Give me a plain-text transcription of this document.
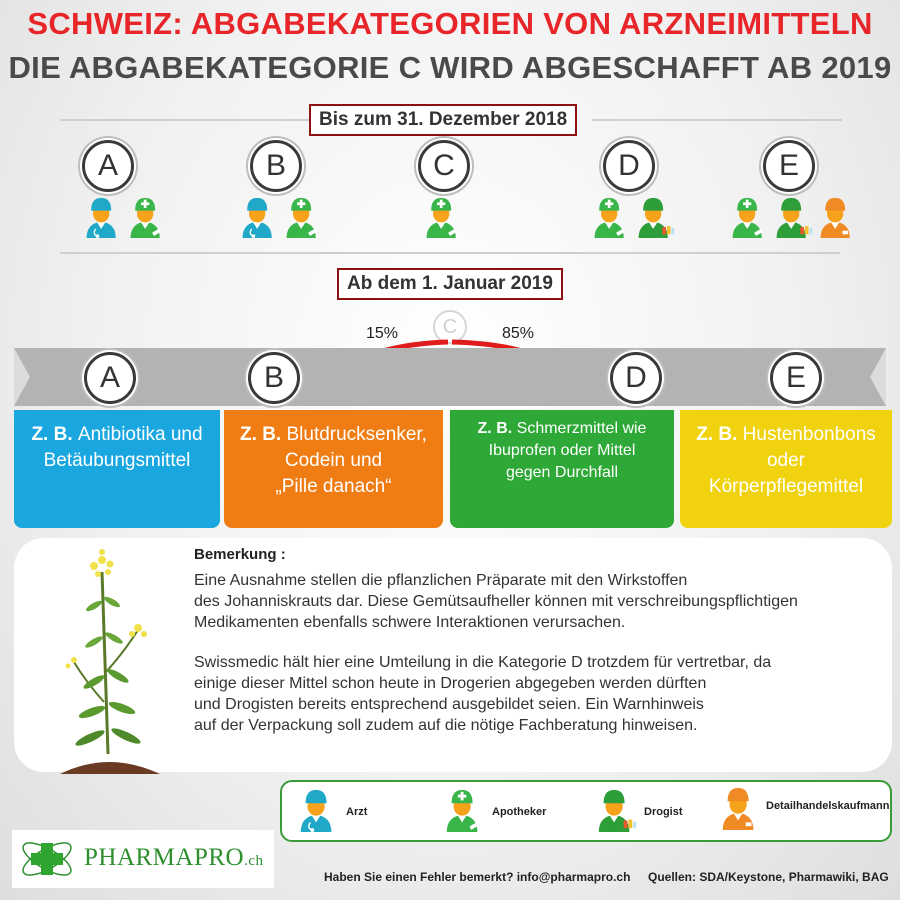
SCHWEIZ: ABGABEKATEGORIEN VON ARZNEIMITTELN
DIE ABGABEKATEGORIE C WIRD ABGESCHAFFT AB 2019
Bis zum 31. Dezember 2018
A	B	C	D	E
Ab dem 1. Januar 2019
C
15%	85%
A	B	D	E
Z. B. Antibiotika und
Betäubungsmittel
Z. B. Blutdrucksenker,
Codein und
„Pille danach“
Z. B. Schmerzmittel wie
Ibuprofen oder Mittel
gegen Durchfall
Z. B. Hustenbonbons
oder
Körperpflegemittel
Bemerkung :
Eine Ausnahme stellen die pflanzlichen Präparate mit den Wirkstoffen
des Johanniskrauts dar. Diese Gemütsaufheller können mit verschreibungspflichtigen
Medikamenten ebenfalls schwere Interaktionen verursachen.
Swissmedic hält hier eine Umteilung in die Kategorie D trotzdem für vertretbar, da
einige dieser Mittel schon heute in Drogerien abgegeben werden dürften
und Drogisten bereits entsprechend ausgebildet seien. Ein Warnhinweis
auf der Verpackung soll zudem auf die nötige Fachberatung hinweisen.
Arzt	Apotheker	Drogist	Detailhandelskaufmann
PHARMAPRO.ch
Haben Sie einen Fehler bemerkt? info@pharmapro.ch Quellen: SDA/Keystone, Pharmawiki, BAG
